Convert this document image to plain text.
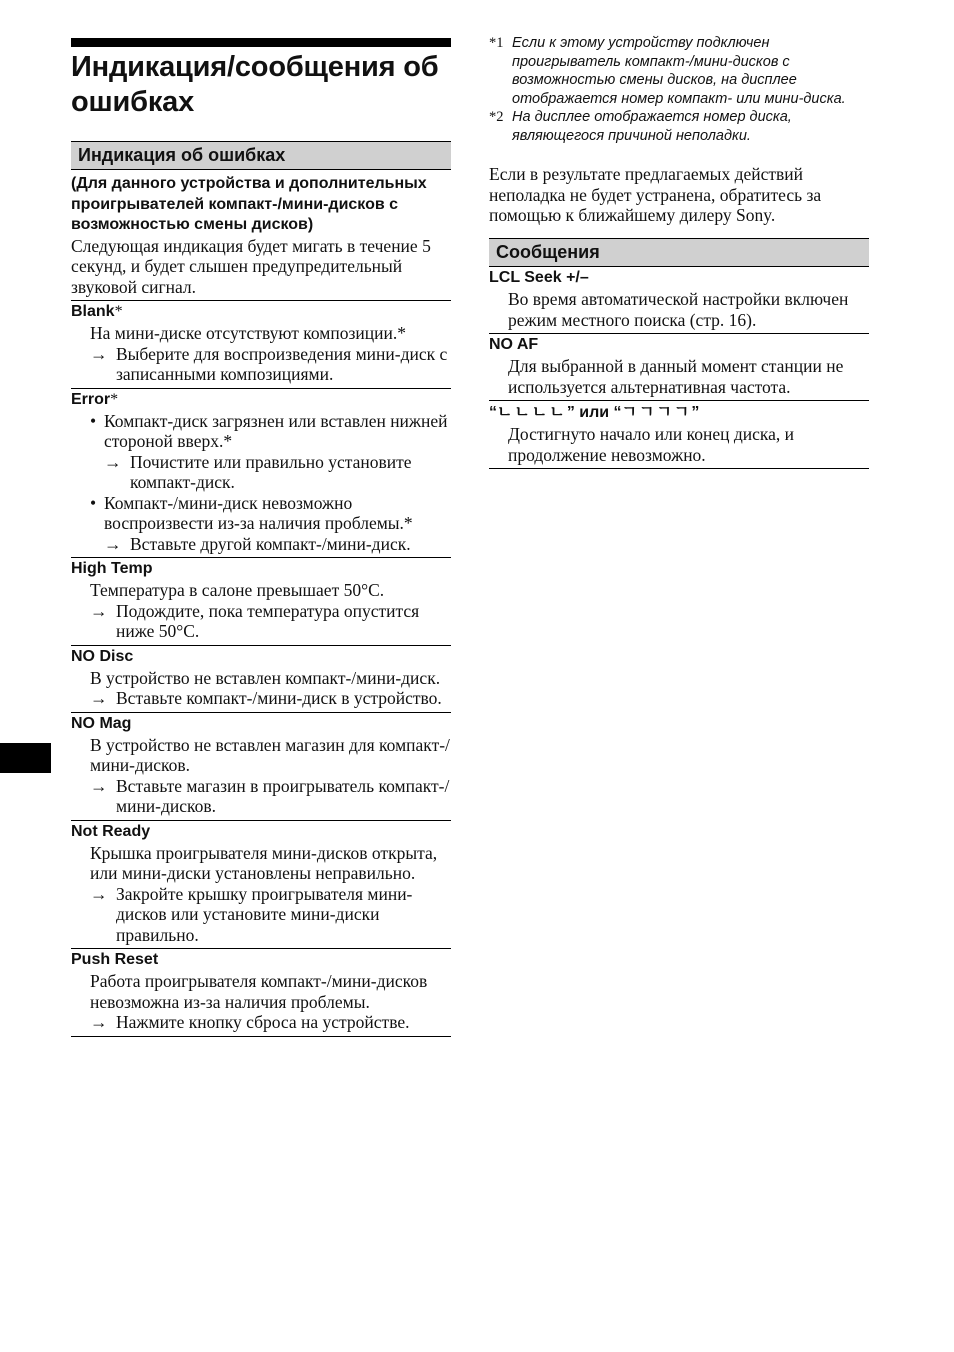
Индикация/сообщения об ошибках
Индикация об ошибках
(Для данного устройства и дополнительных проигрывателей компакт-/мини-дисков с возможностью смены дисков)
Следующая индикация будет мигать в течение 5 секунд, и будет слышен предупредительный звуковой сигнал.
Blank*
На мини-диске отсутствуют композиции.*
→ Выберите для воспроизведения мини-диск с записанными композициями.
Error*
• Компакт-диск загрязнен или вставлен нижней стороной вверх.*
→ Почистите или правильно установите компакт-диск.
• Компакт-/мини-диск невозможно воспроизвести из-за наличия проблемы.*
→ Вставьте другой компакт-/мини-диск.
High Temp
Температура в салоне превышает 50°C.
→ Подождите, пока температура опустится ниже 50°C.
NO Disc
В устройство не вставлен компакт-/мини-диск.
→ Вставьте компакт-/мини-диск в устройство.
NO Mag
В устройство не вставлен магазин для компакт-/мини-дисков.
→ Вставьте магазин в проигрыватель компакт-/мини-дисков.
Not Ready
Крышка проигрывателя мини-дисков открыта, или мини-диски установлены неправильно.
→ Закройте крышку проигрывателя мини-дисков или установите мини-диски правильно.
Push Reset
Работа проигрывателя компакт-/мини-дисков невозможна из-за наличия проблемы.
→ Нажмите кнопку сброса на устройстве.
*1 Если к этому устройству подключен проигрыватель компакт-/мини-дисков с возможностью смены дисков, на дисплее отображается номер компакт- или мини-диска.
*2 На дисплее отображается номер диска, являющегося причиной неполадки.
Если в результате предлагаемых действий неполадка не будет устранена, обратитесь за помощью к ближайшему дилеру Sony.
Сообщения
LCL Seek +/–
Во время автоматической настройки включен режим местного поиска (стр. 16).
NO AF
Для выбранной в данный момент станции не используется альтернативная частота.
“ㄴㄴㄴㄴ” или “ㄱㄱㄱㄱ”
Достигнуто начало или конец диска, и продолжение невозможно.
